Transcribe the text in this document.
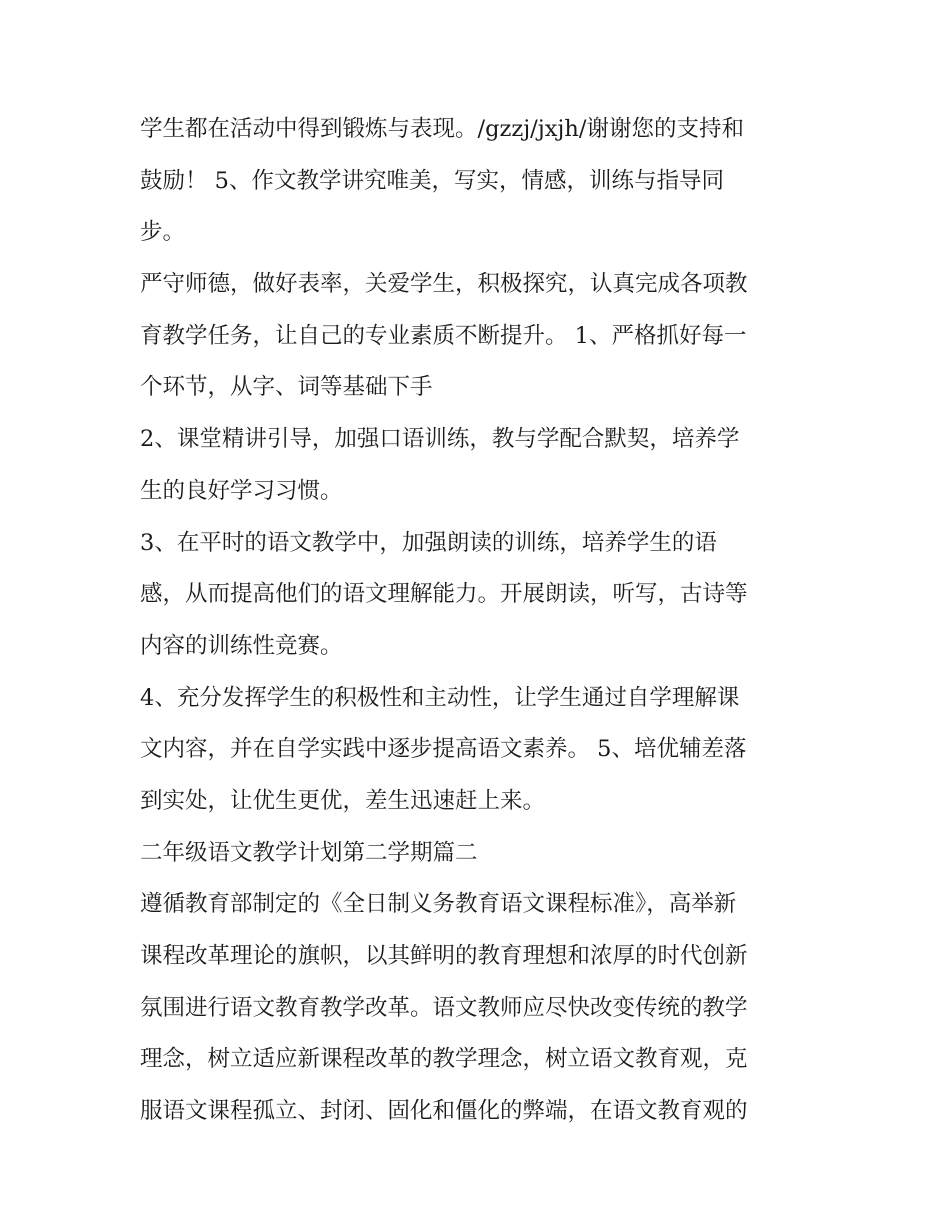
学生都在活动中得到锻炼与表现。/gzzj/jxjh/谢谢您的支持和
鼓励！ 5、作文教学讲究唯美，写实，情感，训练与指导同
步。

严守师德，做好表率，关爱学生，积极探究，认真完成各项教
育教学任务，让自己的专业素质不断提升。 1、严格抓好每一
个环节，从字、词等基础下手

2、课堂精讲引导，加强口语训练，教与学配合默契，培养学
生的良好学习习惯。

3、在平时的语文教学中，加强朗读的训练，培养学生的语
感，从而提高他们的语文理解能力。开展朗读，听写，古诗等
内容的训练性竞赛。

4、充分发挥学生的积极性和主动性，让学生通过自学理解课
文内容，并在自学实践中逐步提高语文素养。 5、培优辅差落
到实处，让优生更优，差生迅速赶上来。

二年级语文教学计划第二学期篇二

遵循教育部制定的《全日制义务教育语文课程标准》，高举新
课程改革理论的旗帜，以其鲜明的教育理想和浓厚的时代创新
氛围进行语文教育教学改革。语文教师应尽快改变传统的教学
理念，树立适应新课程改革的教学理念，树立语文教育观，克
服语文课程孤立、封闭、固化和僵化的弊端，在语文教育观的
